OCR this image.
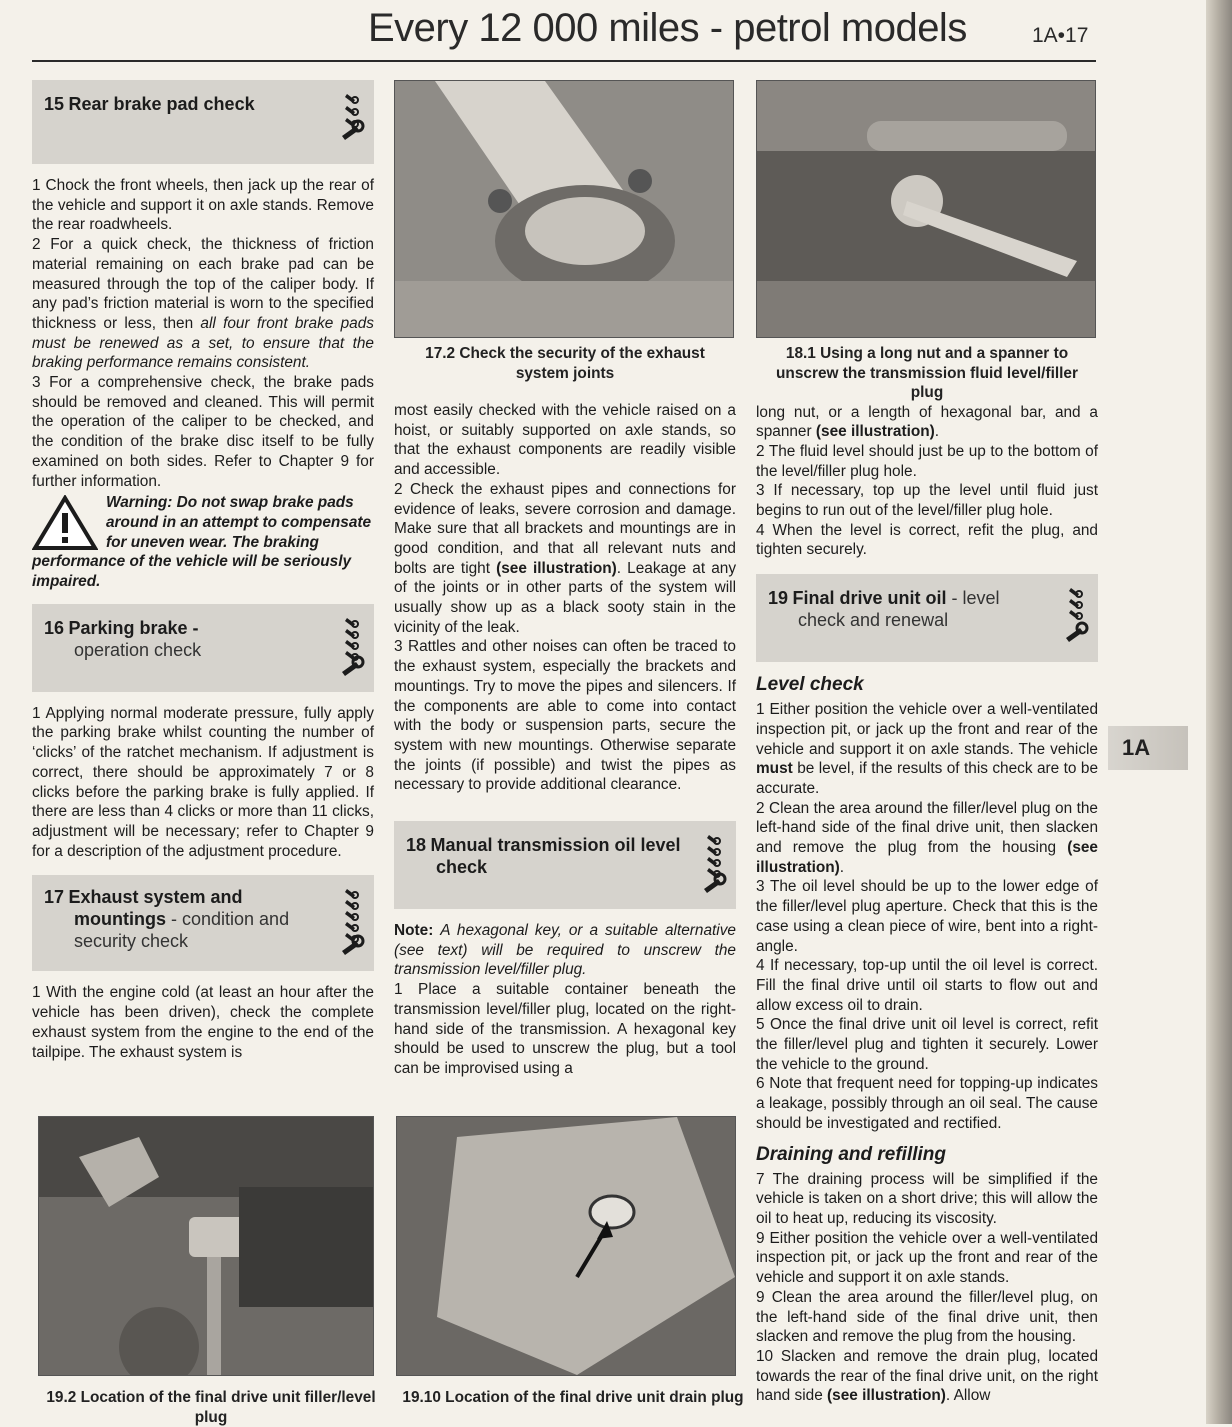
Every 12 000 miles - petrol models	1A•17
1A
15 Rear brake pad check

1 Chock the front wheels, then jack up the rear of the vehicle and support it on axle stands. Remove the rear roadwheels.

2 For a quick check, the thickness of friction material remaining on each brake pad can be measured through the top of the caliper body. If any pad’s friction material is worn to the specified thickness or less, then all four front brake pads must be renewed as a set, to ensure that the braking performance remains consistent.

3 For a comprehensive check, the brake pads should be removed and cleaned. This will permit the operation of the caliper to be checked, and the condition of the brake disc itself to be fully examined on both sides. Refer to Chapter 9 for further information.

Warning: Do not swap brake pads around in an attempt to compensate for uneven wear. The braking performance of the vehicle will be seriously impaired.

16 Parking brake -
operation check

1 Applying normal moderate pressure, fully apply the parking brake whilst counting the number of ‘clicks’ of the ratchet mechanism. If adjustment is correct, there should be approximately 7 or 8 clicks before the parking brake is fully applied. If there are less than 4 clicks or more than 11 clicks, adjustment will be necessary; refer to Chapter 9 for a description of the adjustment procedure.

17 Exhaust system and
mountings - condition and
security check

1 With the engine cold (at least an hour after the vehicle has been driven), check the complete exhaust system from the engine to the end of the tailpipe. The exhaust system is

19.2 Location of the final drive unit filler/level plug
17.2 Check the security of the exhaust system joints

most easily checked with the vehicle raised on a hoist, or suitably supported on axle stands, so that the exhaust components are readily visible and accessible.

2 Check the exhaust pipes and connections for evidence of leaks, severe corrosion and damage. Make sure that all brackets and mountings are in good condition, and that all relevant nuts and bolts are tight (see illustration). Leakage at any of the joints or in other parts of the system will usually show up as a black sooty stain in the vicinity of the leak.

3 Rattles and other noises can often be traced to the exhaust system, especially the brackets and mountings. Try to move the pipes and silencers. If the components are able to come into contact with the body or suspension parts, secure the system with new mountings. Otherwise separate the joints (if possible) and twist the pipes as necessary to provide additional clearance.

18 Manual transmission oil level
check

Note: A hexagonal key, or a suitable alternative (see text) will be required to unscrew the transmission level/filler plug.

1 Place a suitable container beneath the transmission level/filler plug, located on the right-hand side of the transmission. A hexagonal key should be used to unscrew the plug, but a tool can be improvised using a

19.10 Location of the final drive unit drain plug
18.1 Using a long nut and a spanner to unscrew the transmission fluid level/filler plug

long nut, or a length of hexagonal bar, and a spanner (see illustration).

2 The fluid level should just be up to the bottom of the level/filler plug hole.

3 If necessary, top up the level until fluid just begins to run out of the level/filler plug hole.

4 When the level is correct, refit the plug, and tighten securely.

19 Final drive unit oil - level
check and renewal
Level check

1 Either position the vehicle over a well-ventilated inspection pit, or jack up the front and rear of the vehicle and support it on axle stands. The vehicle must be level, if the results of this check are to be accurate.

2 Clean the area around the filler/level plug on the left-hand side of the final drive unit, then slacken and remove the plug from the housing (see illustration).

3 The oil level should be up to the lower edge of the filler/level plug aperture. Check that this is the case using a clean piece of wire, bent into a right-angle.

4 If necessary, top-up until the oil level is correct. Fill the final drive until oil starts to flow out and allow excess oil to drain.

5 Once the final drive unit oil level is correct, refit the filler/level plug and tighten it securely. Lower the vehicle to the ground.

6 Note that frequent need for topping-up indicates a leakage, possibly through an oil seal. The cause should be investigated and rectified.

Draining and refilling

7 The draining process will be simplified if the vehicle is taken on a short drive; this will allow the oil to heat up, reducing its viscosity.

9 Either position the vehicle over a well-ventilated inspection pit, or jack up the front and rear of the vehicle and support it on axle stands.

9 Clean the area around the filler/level plug, on the left-hand side of the final drive unit, then slacken and remove the plug from the housing.

10 Slacken and remove the drain plug, located towards the rear of the final drive unit, on the right hand side (see illustration). Allow
